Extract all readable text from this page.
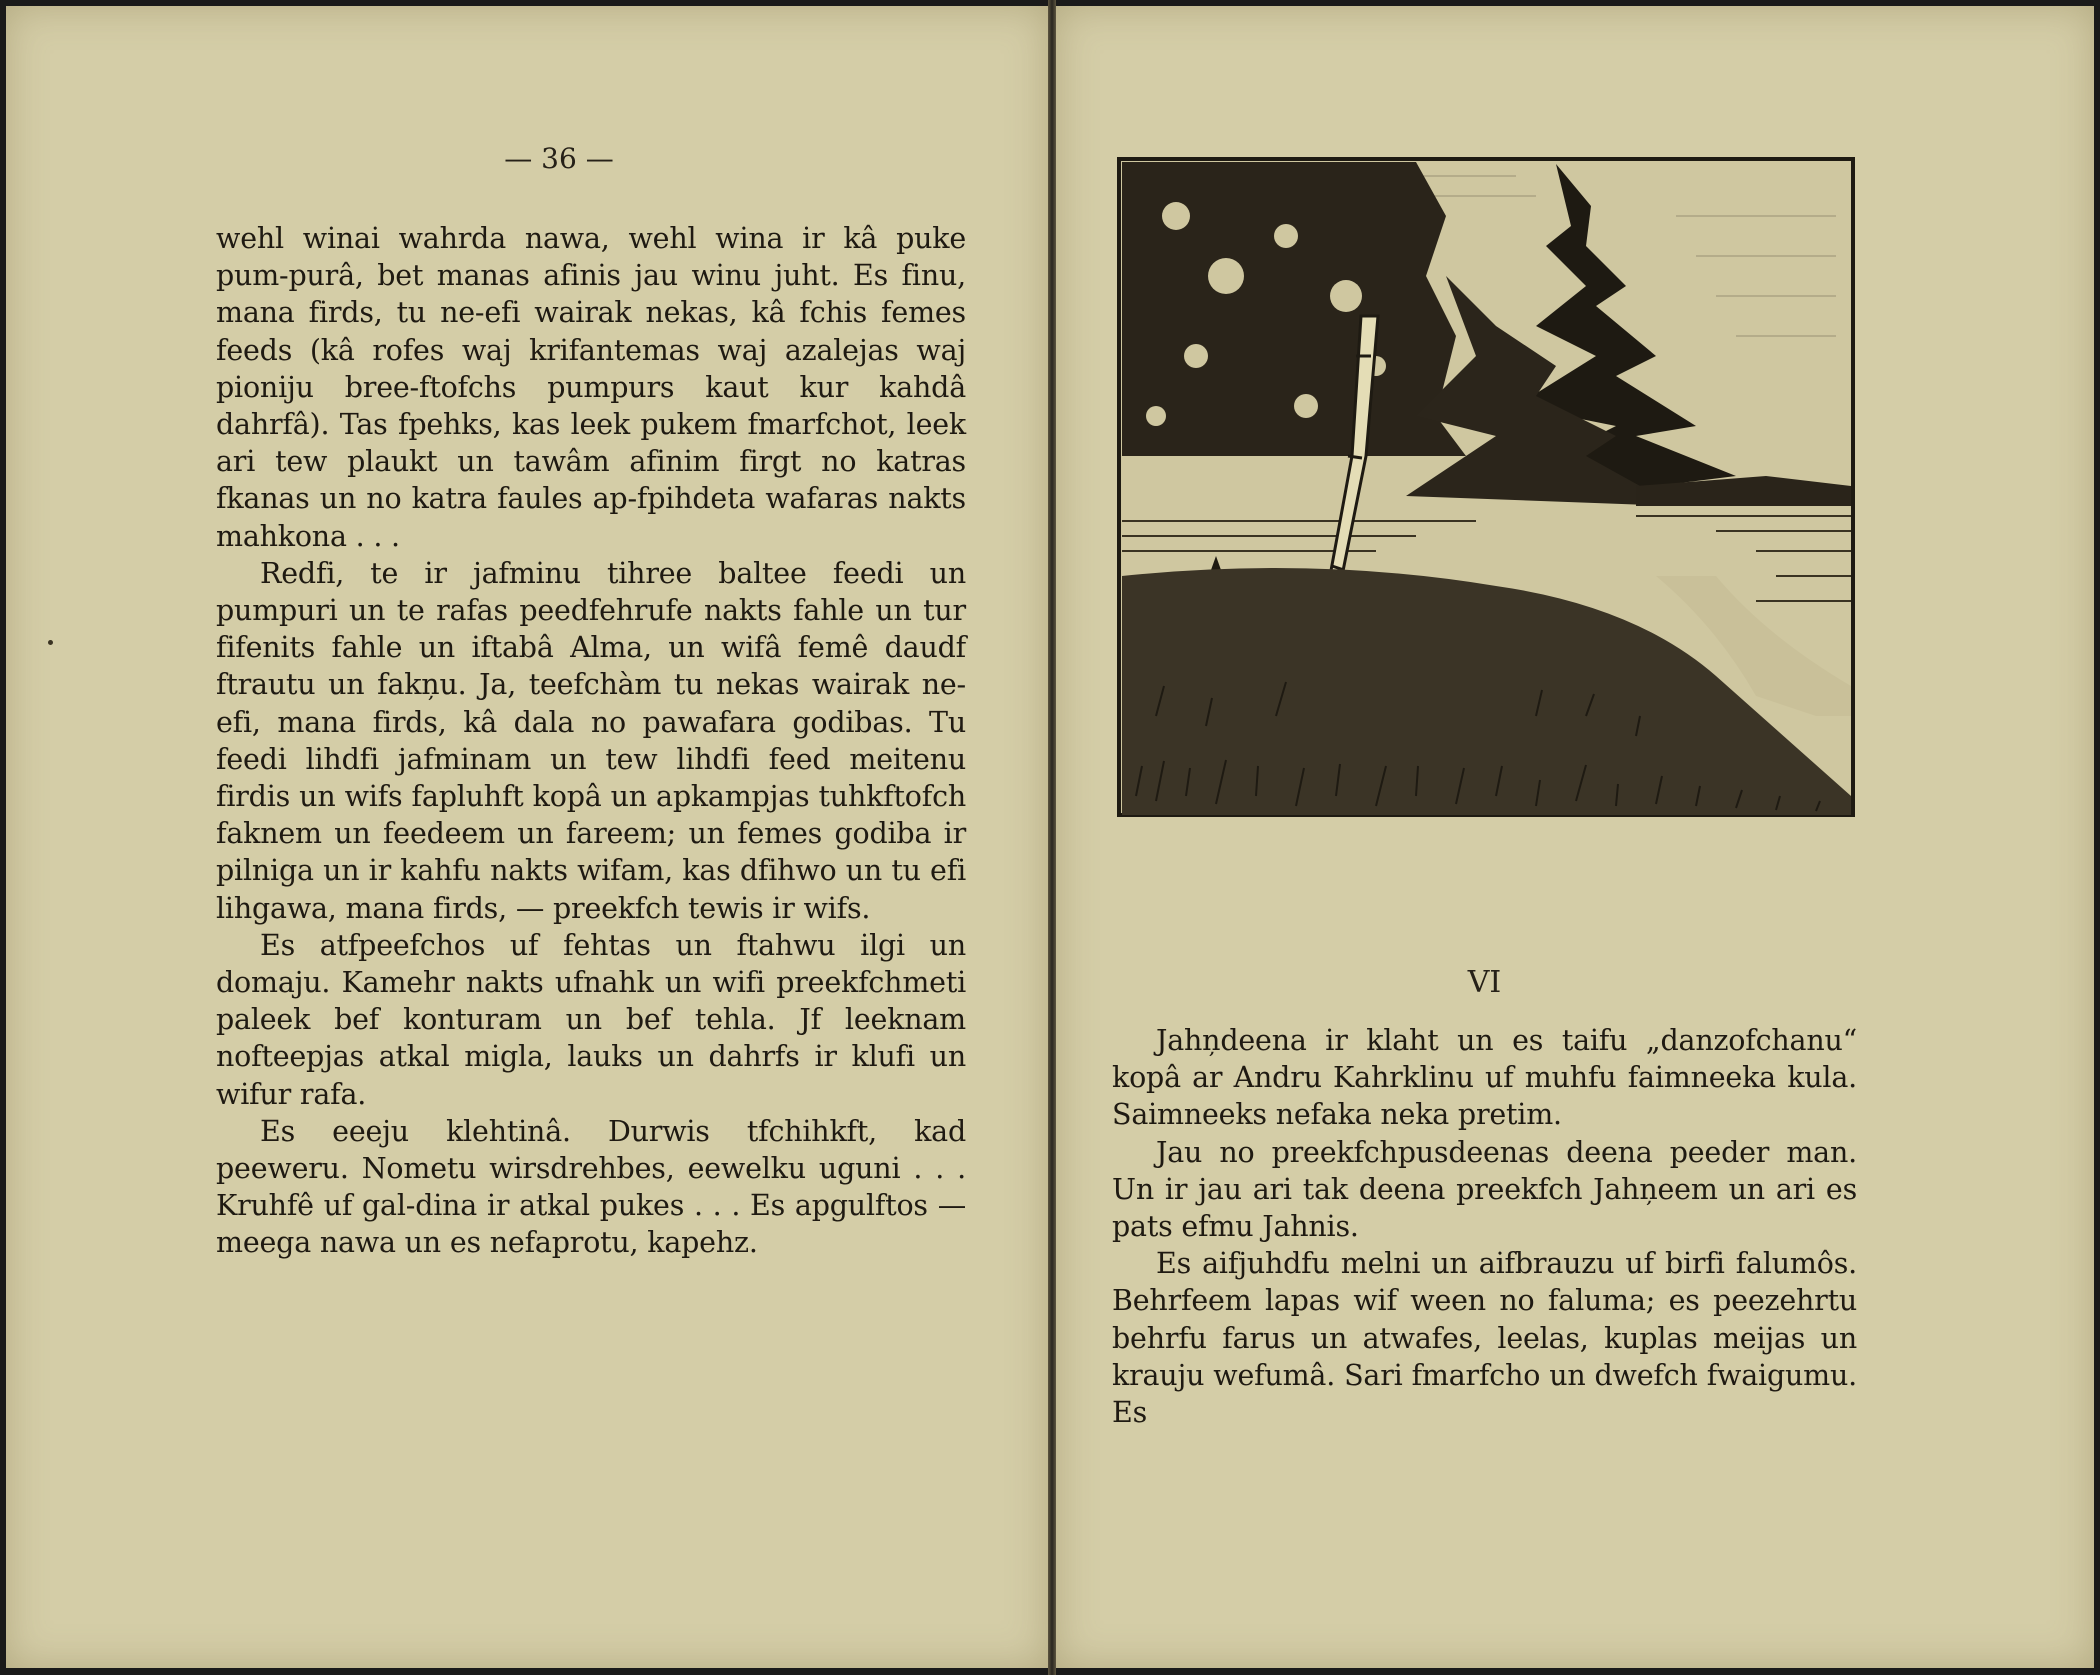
— 36 —

wehl winai wahrda nawa, wehl wina ir kâ puke pum-purâ, bet manas afinis jau winu juht. Es finu, mana firds, tu ne-efi wairak nekas, kâ fchis femes feeds (kâ rofes waj krifantemas waj azalejas waj pioniju bree-ftofchs pumpurs kaut kur kahdâ dahrfâ). Tas fpehks, kas leek pukem fmarfchot, leek ari tew plaukt un tawâm afinim firgt no katras fkanas un no katra faules ap-fpihdeta wafaras nakts mahkona . . .

Redfi, te ir jafminu tihree baltee feedi un pumpuri un te rafas peedfehrufe nakts fahle un tur fifenits fahle un iftabâ Alma, un wifâ femê daudf ftrautu un fakņu. Ja, teefchàm tu nekas wairak ne-efi, mana firds, kâ dala no pawafara godibas. Tu feedi lihdfi jafminam un tew lihdfi feed meitenu firdis un wifs fapluhft kopâ un apkampjas tuhkftofch faknem un feedeem un fareem; un femes godiba ir pilniga un ir kahfu nakts wifam, kas dfihwo un tu efi lihgawa, mana firds, — preekfch tewis ir wifs.

Es atfpeefchos uf fehtas un ftahwu ilgi un domaju. Kamehr nakts ufnahk un wifi preekfchmeti paleek bef konturam un bef tehla. Jf leeknam nofteepjas atkal migla, lauks un dahrfs ir klufi un wifur rafa.

Es eeeju klehtinâ. Durwis tfchihkft, kad peeweru. Nometu wirsdrehbes, eewelku uguni . . . Kruhfê uf gal-dina ir atkal pukes . . . Es apgulftos — meega nawa un es nefaprotu, kapehz.

VI

Jahņdeena ir klaht un es taifu „danzofchanu“ kopâ ar Andru Kahrklinu uf muhfu faimneeka kula. Saimneeks nefaka neka pretim.

Jau no preekfchpusdeenas deena peeder man. Un ir jau ari tak deena preekfch Jahņeem un ari es pats efmu Jahnis.

Es aifjuhdfu melni un aifbrauzu uf birfi falumôs. Behrfeem lapas wif ween no faluma; es peezehrtu behrfu farus un atwafes, leelas, kuplas meijas un krauju wefumâ. Sari fmarfcho un dwefch fwaigumu. Es
